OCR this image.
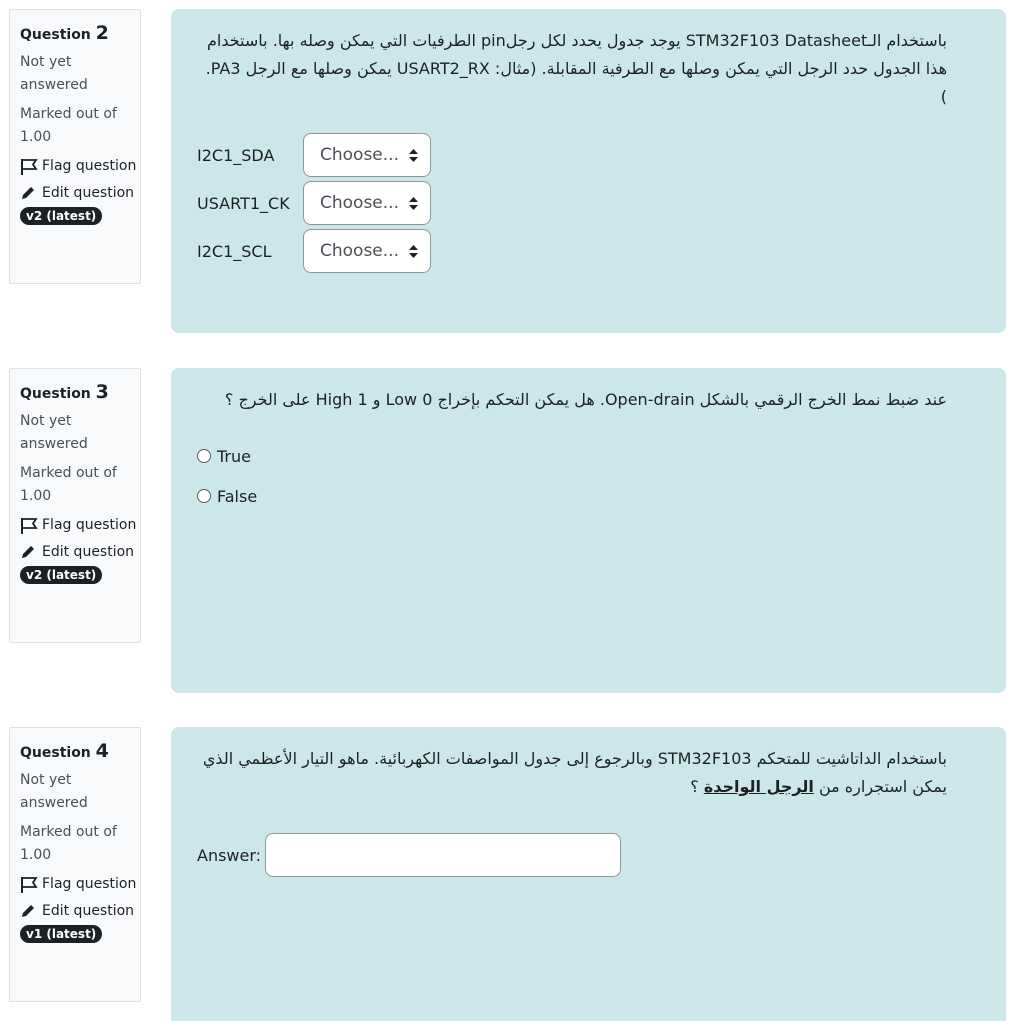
Question 2
Not yet answered
Marked out of 1.00
Flag question
Edit question
v2 (latest)
باستخدام الـSTM32F103 Datasheet يوجد جدول يحدد لكل رجلpin الطرفيات التي يمكن وصله بها. باستخدام هذا الجدول حدد الرجل التي يمكن وصلها مع الطرفية المقابلة. (مثال: USART2_RX يمكن وصلها مع الرجل PA3. )
I2C1_SDA	Choose...
USART1_CK	Choose...
I2C1_SCL	Choose...
Question 3
Not yet answered
Marked out of 1.00
Flag question
Edit question
v2 (latest)
عند ضبط نمط الخرج الرقمي بالشكل Open-drain. هل يمكن التحكم بإخراج 0 Low و 1 High على الخرج ؟
True
False
Question 4
Not yet answered
Marked out of 1.00
Flag question
Edit question
v1 (latest)
باستخدام الداتاشيت للمتحكم STM32F103 وبالرجوع إلى جدول المواصفات الكهربائية. ماهو التيار الأعظمي الذي يمكن استجراره من الرجل الواحدة ؟
Answer:
